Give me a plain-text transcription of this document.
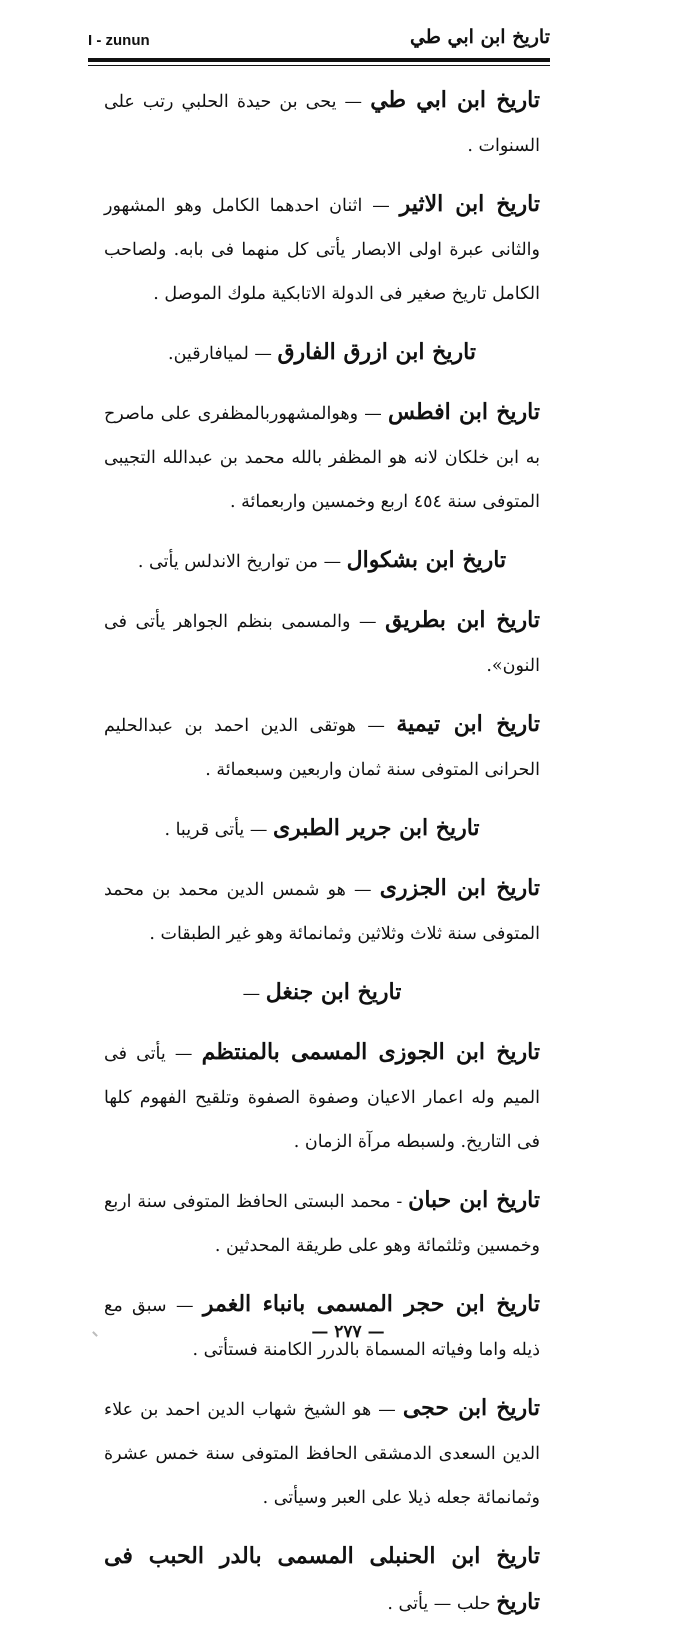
I - zunun	تاريخ ابن ابي طي

تاريخ ابن ابي طي — يحى بن حيدة الحلبي رتب على السنوات .

تاريخ ابن الاثير — اثنان احدهما الكامل وهو المشهور والثانى عبرة اولى الابصار يأتى كل منهما فى بابه. ولصاحب الكامل تاريخ صغير فى الدولة الاتابكية ملوك الموصل .

تاريخ ابن ازرق الفارق — لميافارقين.

تاريخ ابن افطس — وهوالمشهوربالمظفرى على ماصرح به ابن خلكان لانه هو المظفر بالله محمد بن عبدالله التجيبى المتوفى سنة ٤٥٤ اربع وخمسين واربعمائة .

تاريخ ابن بشكوال — من تواريخ الاندلس يأتى .

تاريخ ابن بطريق — والمسمى بنظم الجواهر يأتى فى النون».

تاريخ ابن تيمية — هوتقى الدين احمد بن عبدالحليم الحرانى المتوفى سنة ثمان واربعين وسبعمائة .

تاريخ ابن جرير الطبرى — يأتى قريبا .

تاريخ ابن الجزرى — هو شمس الدين محمد بن محمد المتوفى سنة ثلاث وثلاثين وثمانمائة وهو غير الطبقات .

تاريخ ابن جنغل —

تاريخ ابن الجوزى المسمى بالمنتظم — يأتى فى الميم وله اعمار الاعيان وصفوة الصفوة وتلقيح الفهوم كلها فى التاريخ. ولسبطه مرآة الزمان .

تاريخ ابن حبان - محمد البستى الحافظ المتوفى سنة اربع وخمسين وثلثمائة وهو على طريقة المحدثين .

تاريخ ابن حجر المسمى بانباء الغمر — سبق مع ذيله واما وفياته المسماة بالدرر الكامنة فستأتى .

تاريخ ابن حجى — هو الشيخ شهاب الدين احمد بن علاء الدين السعدى الدمشقى الحافظ المتوفى سنة خمس عشرة وثمانمائة جعله ذيلا على العبر وسيأتى .

تاريخ ابن الحنبلى المسمى بالدر الحبب فى تاريخ حلب — يأتى .

— ٢٧٧ —
